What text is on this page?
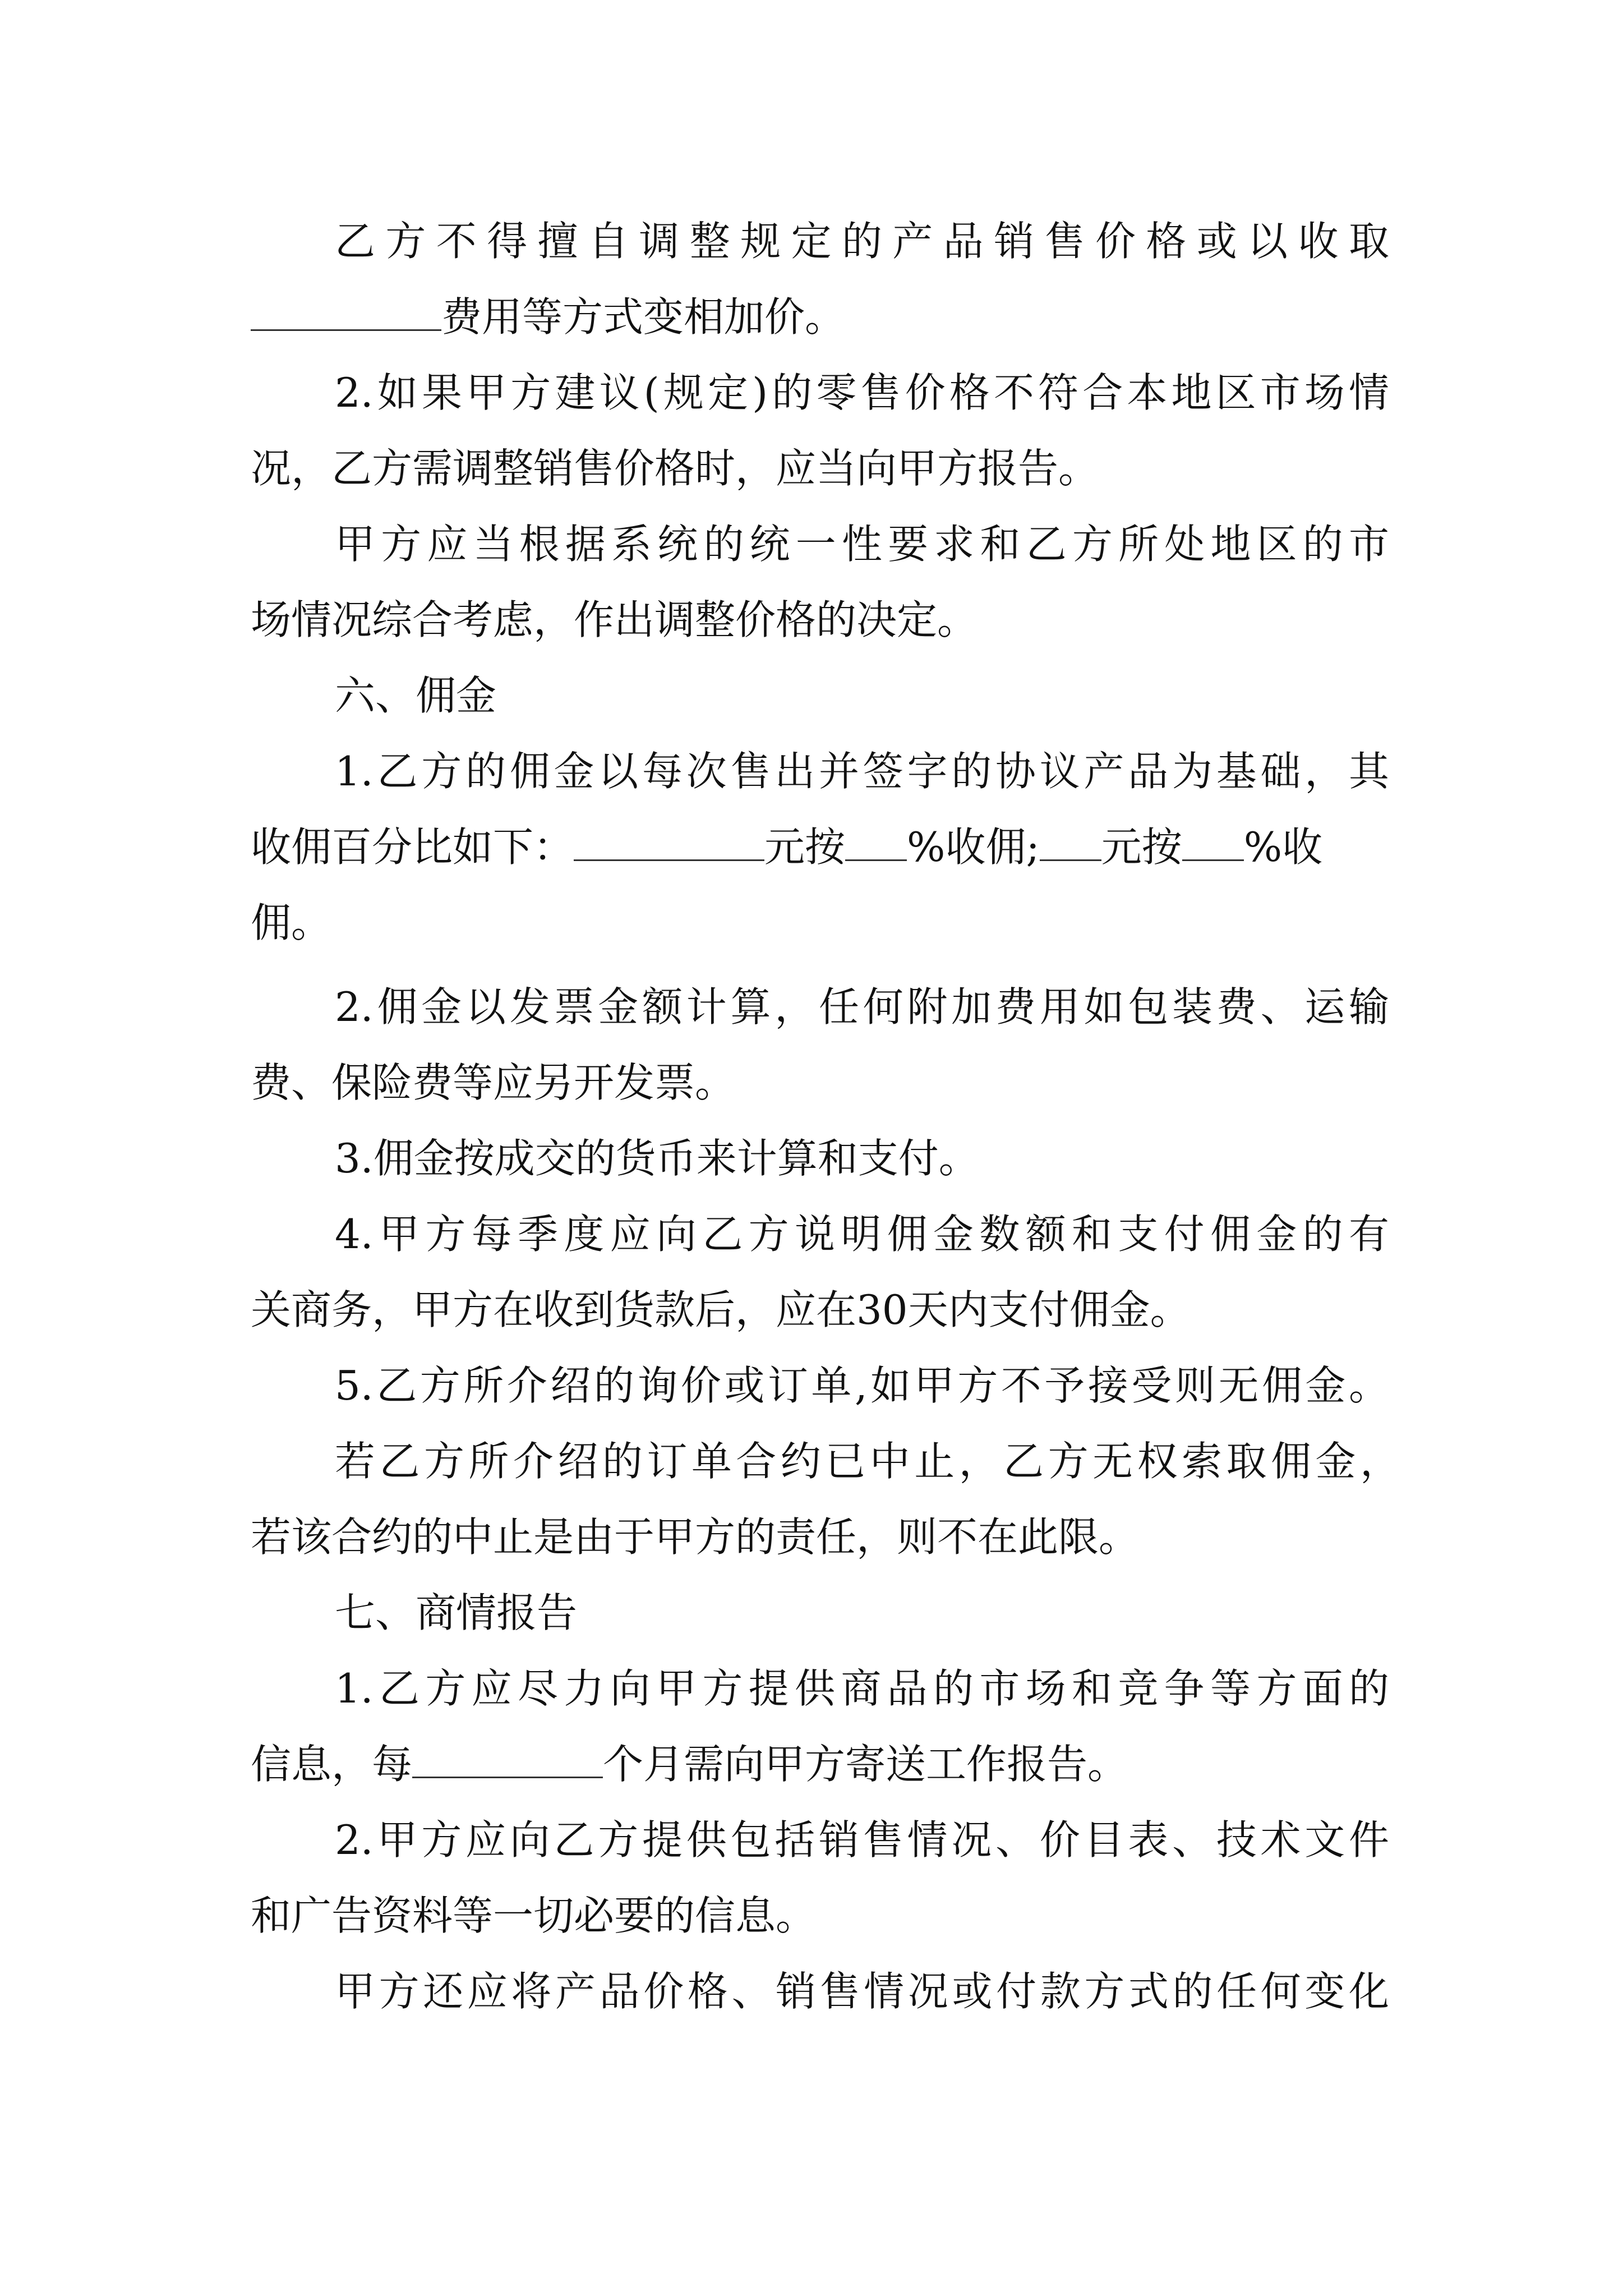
乙方不得擅自调整规定的产品销售价格或以收取
费用等方式变相加价。
2.如果甲方建议(规定)的零售价格不符合本地区市场情
况，乙方需调整销售价格时，应当向甲方报告。
甲方应当根据系统的统一性要求和乙方所处地区的市
场情况综合考虑，作出调整价格的决定。
六、佣金
1.乙方的佣金以每次售出并签字的协议产品为基础，其
收佣百分比如下：	元按 %收佣; 元按 %收
佣。
2.佣金以发票金额计算，任何附加费用如包装费、运输
费、保险费等应另开发票。
3.佣金按成交的货币来计算和支付。
4.甲方每季度应向乙方说明佣金数额和支付佣金的有
关商务，甲方在收到货款后，应在30天内支付佣金。
5.乙方所介绍的询价或订单,如甲方不予接受则无佣金。
若乙方所介绍的订单合约已中止，乙方无权索取佣金，
若该合约的中止是由于甲方的责任，则不在此限。
七、商情报告
1.乙方应尽力向甲方提供商品的市场和竞争等方面的
信息，每	个月需向甲方寄送工作报告。
2.甲方应向乙方提供包括销售情况、价目表、技术文件
和广告资料等一切必要的信息。
甲方还应将产品价格、销售情况或付款方式的任何变化
